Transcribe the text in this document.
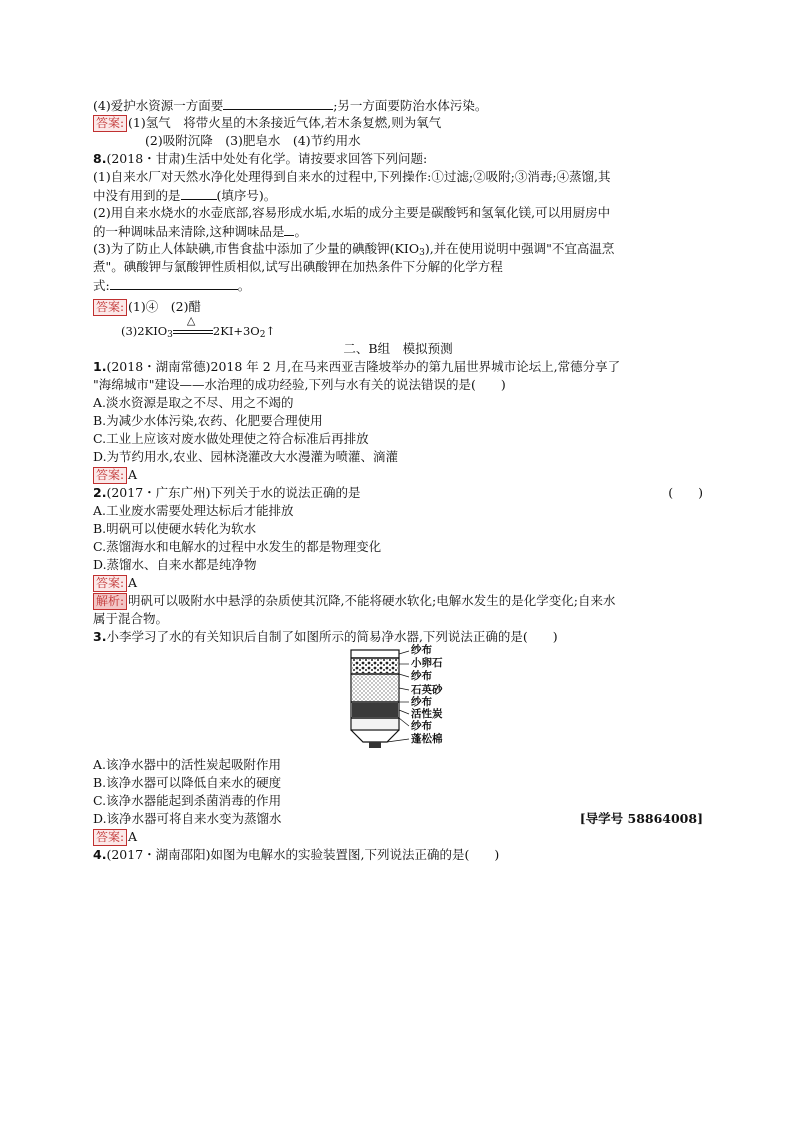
(4)爱护水资源一方面要	;另一方面要防治水体污染。
答案: (1)氢气　将带火星的木条接近气体,若木条复燃,则为氧气
(2)吸附沉降　(3)肥皂水　(4)节约用水
8.(2018・甘肃)生活中处处有化学。请按要求回答下列问题:
(1)自来水厂对天然水净化处理得到自来水的过程中,下列操作:①过滤;②吸附;③消毒;④蒸馏,其
中没有用到的是	(填序号)。
(2)用自来水烧水的水壶底部,容易形成水垢,水垢的成分主要是碳酸钙和氢氧化镁,可以用厨房中
的一种调味品来清除,这种调味品是 。
(3)为了防止人体缺碘,市售食盐中添加了少量的碘酸钾$(KIO_3)$,并在使用说明中强调"不宜高温烹
煮"。碘酸钾与氯酸钾性质相似,试写出碘酸钾在加热条件下分解的化学方程
式:	。
答案: (1)④　(2)醋
$(3)2KIO_3$
△
$2KI+3O_2↑$
二、B组　模拟预测
1.(2018・湖南常德)2018 年 2 月,在马来西亚吉隆坡举办的第九届世界城市论坛上,常德分享了
"海绵城市"建设——水治理的成功经验,下列与水有关的说法错误的是(　　)
A.淡水资源是取之不尽、用之不竭的
B.为减少水体污染,农药、化肥要合理使用
C.工业上应该对废水做处理使之符合标准后再排放
D.为节约用水,农业、园林浇灌改大水漫灌为喷灌、滴灌
答案: A
2.(2017・广东广州)下列关于水的说法正确的是	(　　)
A.工业废水需要处理达标后才能排放
B.明矾可以使硬水转化为软水
C.蒸馏海水和电解水的过程中水发生的都是物理变化
D.蒸馏水、自来水都是纯净物
答案: A
解析: 明矾可以吸附水中悬浮的杂质使其沉降,不能将硬水软化;电解水发生的是化学变化;自来水
属于混合物。
3.小李学习了水的有关知识后自制了如图所示的简易净水器,下列说法正确的是(　　)
纱布
小卵石
纱布
石英砂
纱布
活性炭
纱布
蓬松棉
A.该净水器中的活性炭起吸附作用
B.该净水器可以降低自来水的硬度
C.该净水器能起到杀菌消毒的作用
D.该净水器可将自来水变为蒸馏水	[导学号 58864008]
答案: A
4.(2017・湖南邵阳)如图为电解水的实验装置图,下列说法正确的是(　　)
